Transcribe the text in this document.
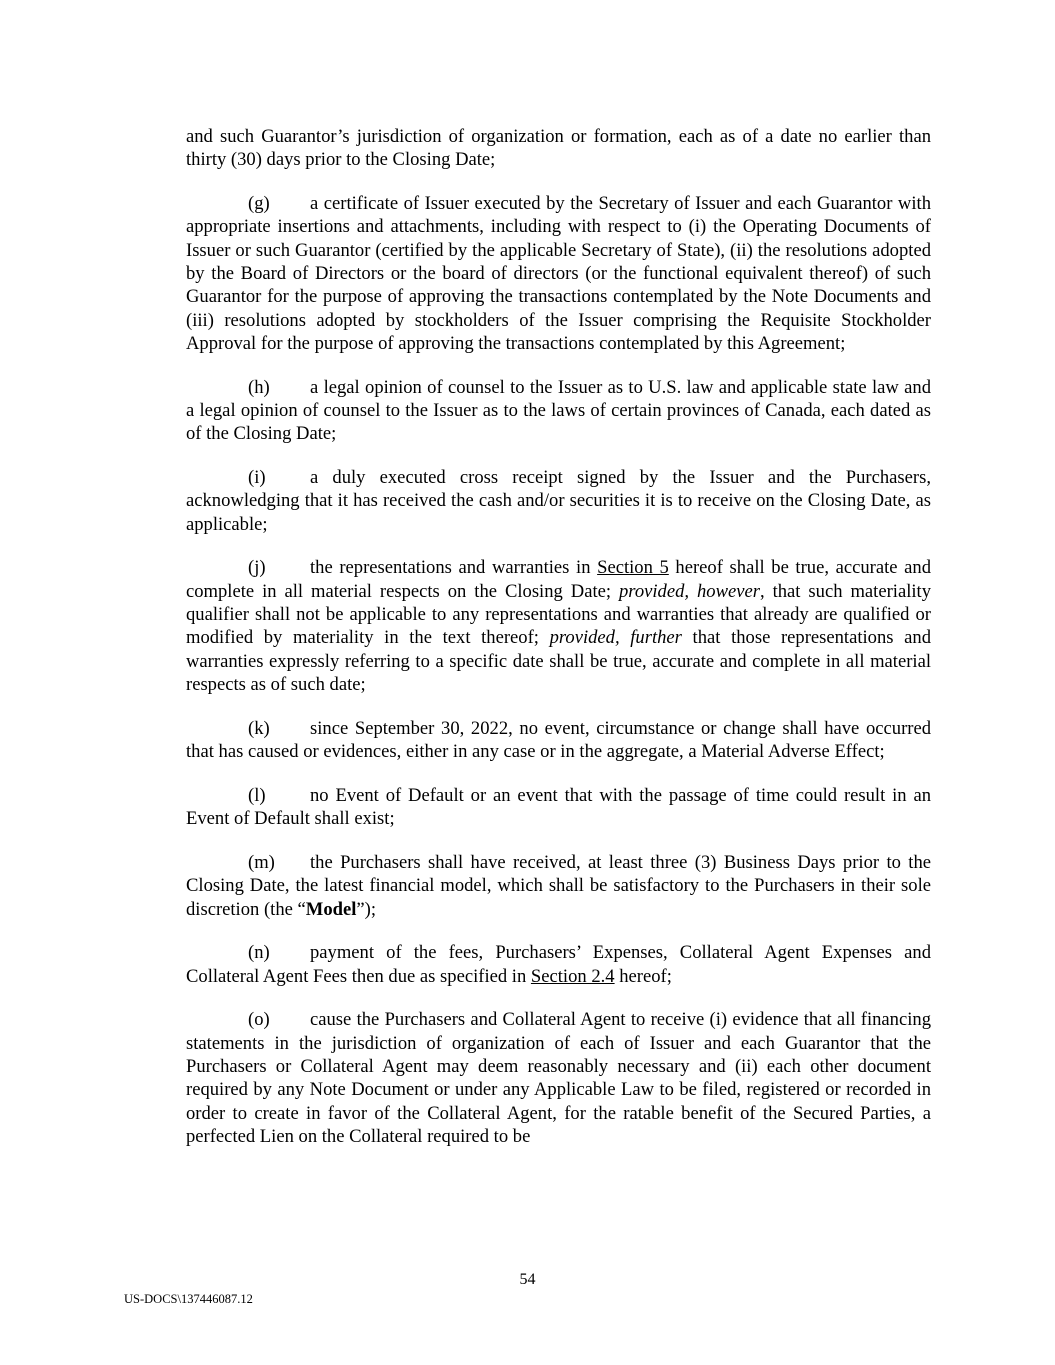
and such Guarantor’s jurisdiction of organization or formation, each as of a date no earlier than thirty (30) days prior to the Closing Date;

(g) a certificate of Issuer executed by the Secretary of Issuer and each Guarantor with appropriate insertions and attachments, including with respect to (i) the Operating Documents of Issuer or such Guarantor (certified by the applicable Secretary of State), (ii) the resolutions adopted by the Board of Directors or the board of directors (or the functional equivalent thereof) of such Guarantor for the purpose of approving the transactions contemplated by the Note Documents and (iii) resolutions adopted by stockholders of the Issuer comprising the Requisite Stockholder Approval for the purpose of approving the transactions contemplated by this Agreement;

(h) a legal opinion of counsel to the Issuer as to U.S. law and applicable state law and a legal opinion of counsel to the Issuer as to the laws of certain provinces of Canada, each dated as of the Closing Date;

(i) a duly executed cross receipt signed by the Issuer and the Purchasers, acknowledging that it has received the cash and/or securities it is to receive on the Closing Date, as applicable;

(j) the representations and warranties in Section 5 hereof shall be true, accurate and complete in all material respects on the Closing Date; provided, however, that such materiality qualifier shall not be applicable to any representations and warranties that already are qualified or modified by materiality in the text thereof; provided, further that those representations and warranties expressly referring to a specific date shall be true, accurate and complete in all material respects as of such date;

(k) since September 30, 2022, no event, circumstance or change shall have occurred that has caused or evidences, either in any case or in the aggregate, a Material Adverse Effect;

(l) no Event of Default or an event that with the passage of time could result in an Event of Default shall exist;

(m) the Purchasers shall have received, at least three (3) Business Days prior to the Closing Date, the latest financial model, which shall be satisfactory to the Purchasers in their sole discretion (the “Model”);

(n) payment of the fees, Purchasers’ Expenses, Collateral Agent Expenses and Collateral Agent Fees then due as specified in Section 2.4 hereof;

(o) cause the Purchasers and Collateral Agent to receive (i) evidence that all financing statements in the jurisdiction of organization of each of Issuer and each Guarantor that the Purchasers or Collateral Agent may deem reasonably necessary and (ii) each other document required by any Note Document or under any Applicable Law to be filed, registered or recorded in order to create in favor of the Collateral Agent, for the ratable benefit of the Secured Parties, a perfected Lien on the Collateral required to be

54
US-DOCS\137446087.12
